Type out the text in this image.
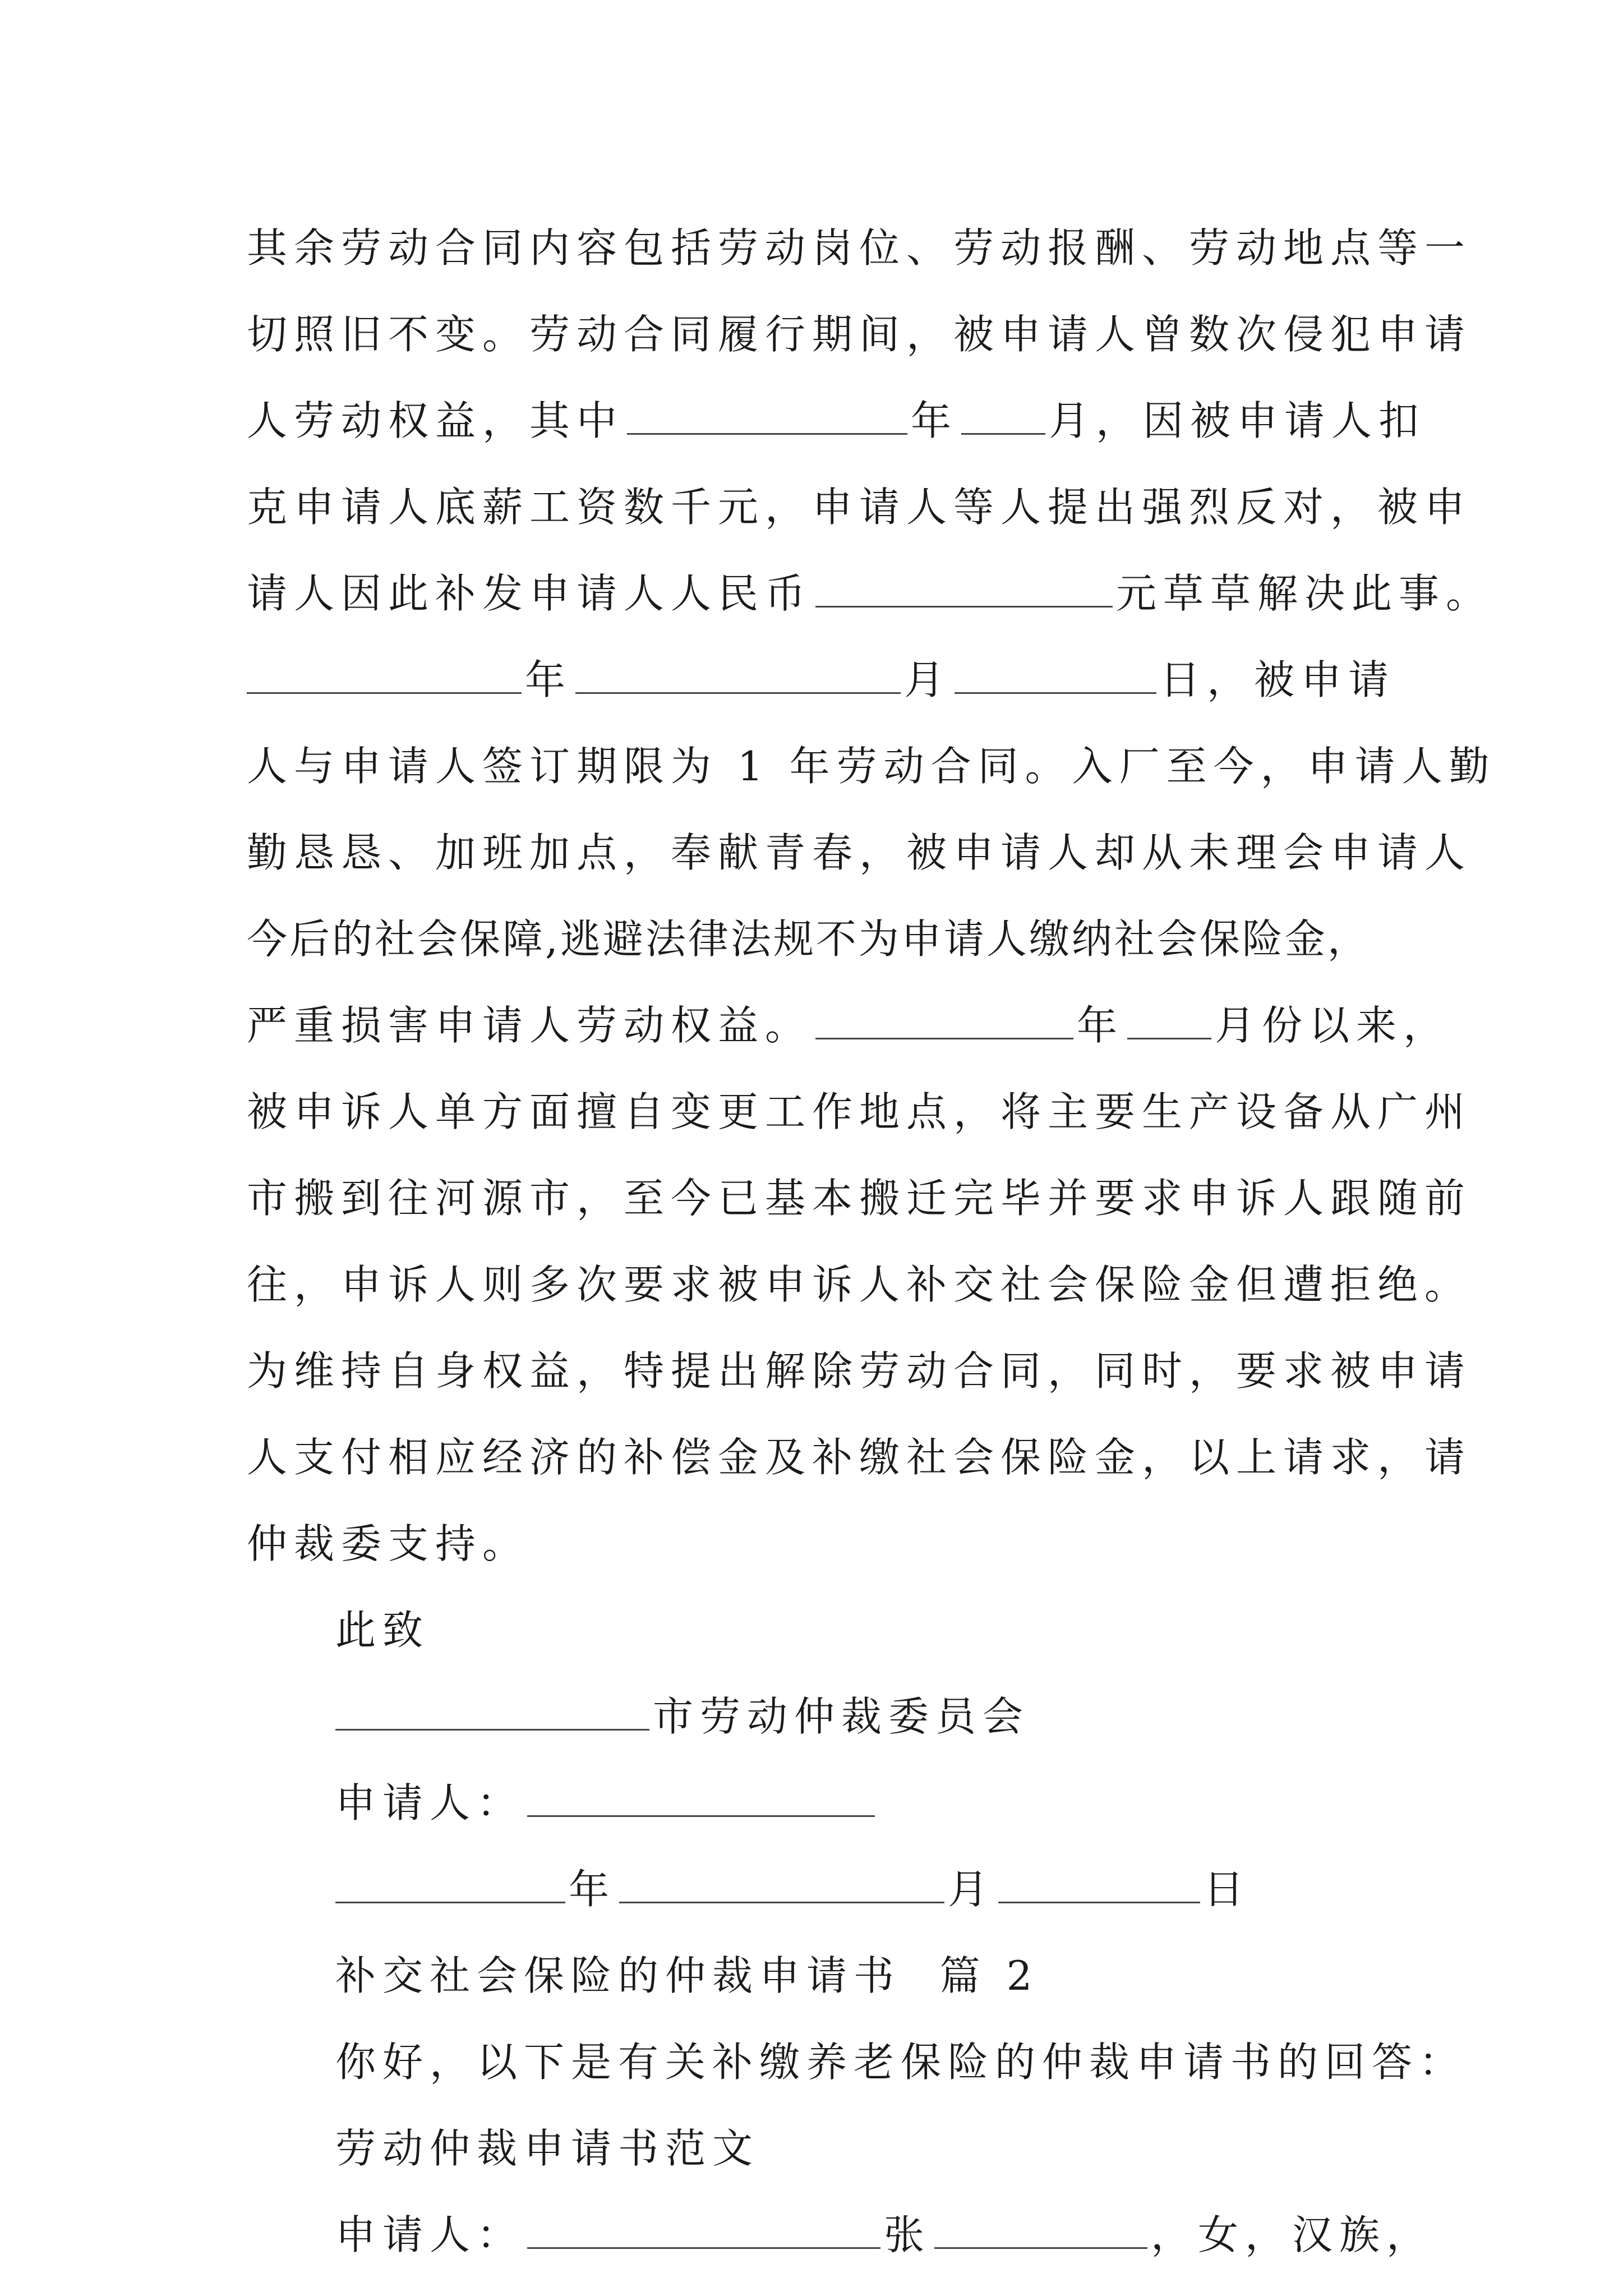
其余劳动合同内容包括劳动岗位、劳动报酬、劳动地点等一
切照旧不变。劳动合同履行期间，被申请人曾数次侵犯申请
人劳动权益，其中	年 月，因被申请人扣
克申请人底薪工资数千元，申请人等人提出强烈反对，被申
请人因此补发申请人人民币	元草草解决此事。
年	月	日，被申请
人与申请人签订期限为 1 年劳动合同。入厂至今，申请人勤
勤恳恳、加班加点，奉献青春，被申请人却从未理会申请人
今后的社会保障,逃避法律法规不为申请人缴纳社会保险金，
严重损害申请人劳动权益。	年 月份以来，
被申诉人单方面擅自变更工作地点，将主要生产设备从广州
市搬到往河源市，至今已基本搬迁完毕并要求申诉人跟随前
往，申诉人则多次要求被申诉人补交社会保险金但遭拒绝。
为维持自身权益，特提出解除劳动合同，同时，要求被申请
人支付相应经济的补偿金及补缴社会保险金，以上请求，请
仲裁委支持。
此致
市劳动仲裁委员会
申请人：
年	月	日
补交社会保险的仲裁申请书  篇 2
你好，以下是有关补缴养老保险的仲裁申请书的回答：
劳动仲裁申请书范文
申请人：	张	，女，汉族，
